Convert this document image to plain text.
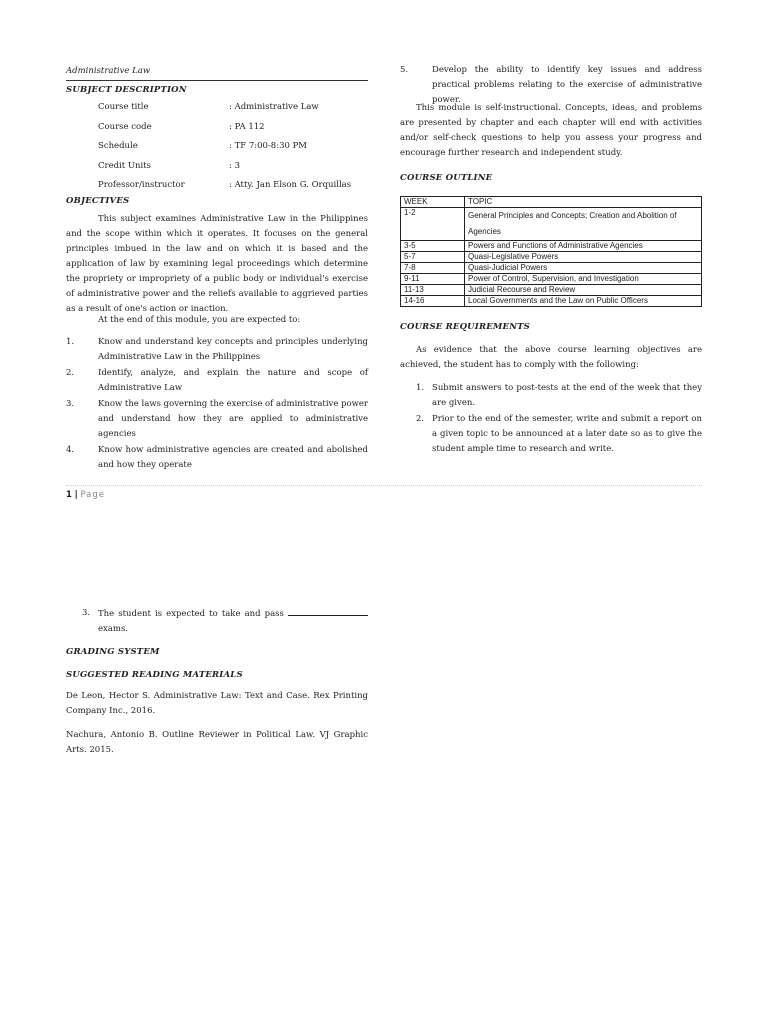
Administrative Law
SUBJECT DESCRIPTION
Course title	: Administrative Law
Course code	: PA 112
Schedule	: TF 7:00-8:30 PM
Credit Units	: 3
Professor/instructor	: Atty. Jan Elson G. Orquillas
OBJECTIVES
This subject examines Administrative Law in the Philippines and the scope within which it operates. It focuses on the general principles imbued in the law and on which it is based and the application of law by examining legal proceedings which determine the propriety or impropriety of a public body or individual's exercise of administrative power and the reliefs available to aggrieved parties as a result of one's action or inaction.
At the end of this module, you are expected to:
1.	Know and understand key concepts and principles underlying Administrative Law in the Philippines
2.	Identify, analyze, and explain the nature and scope of Administrative Law
3.	Know the laws governing the exercise of administrative power and understand how they are applied to administrative agencies
4.	Know how administrative agencies are created and abolished and how they operate
5.	Develop the ability to identify key issues and address practical problems relating to the exercise of administrative power.
This module is self-instructional. Concepts, ideas, and problems are presented by chapter and each chapter will end with activities and/or self-check questions to help you assess your progress and encourage further research and independent study.
COURSE OUTLINE
WEEK	TOPIC
1-2	General Principles and Concepts; Creation and Abolition of Agencies
3-5	Powers and Functions of Administrative Agencies
5-7	Quasi-Legislative Powers
7-8	Quasi-Judicial Powers
9-11	Power of Control, Supervision, and Investigation
11-13	Judicial Recourse and Review
14-16	Local Governments and the Law on Public Officers
COURSE REQUIREMENTS
As evidence that the above course learning objectives are achieved, the student has to comply with the following:
1. Submit answers to post-tests at the end of the week that they are given.
2. Prior to the end of the semester, write and submit a report on a given topic to be announced at a later date so as to give the student ample time to research and write.
1 | Page
3. The student is expected to take and pass  exams.
GRADING SYSTEM
SUGGESTED READING MATERIALS
De Leon, Hector S. Administrative Law: Text and Case. Rex Printing Company Inc., 2016.
Nachura, Antonio B. Outline Reviewer in Political Law. VJ Graphic Arts. 2015.
